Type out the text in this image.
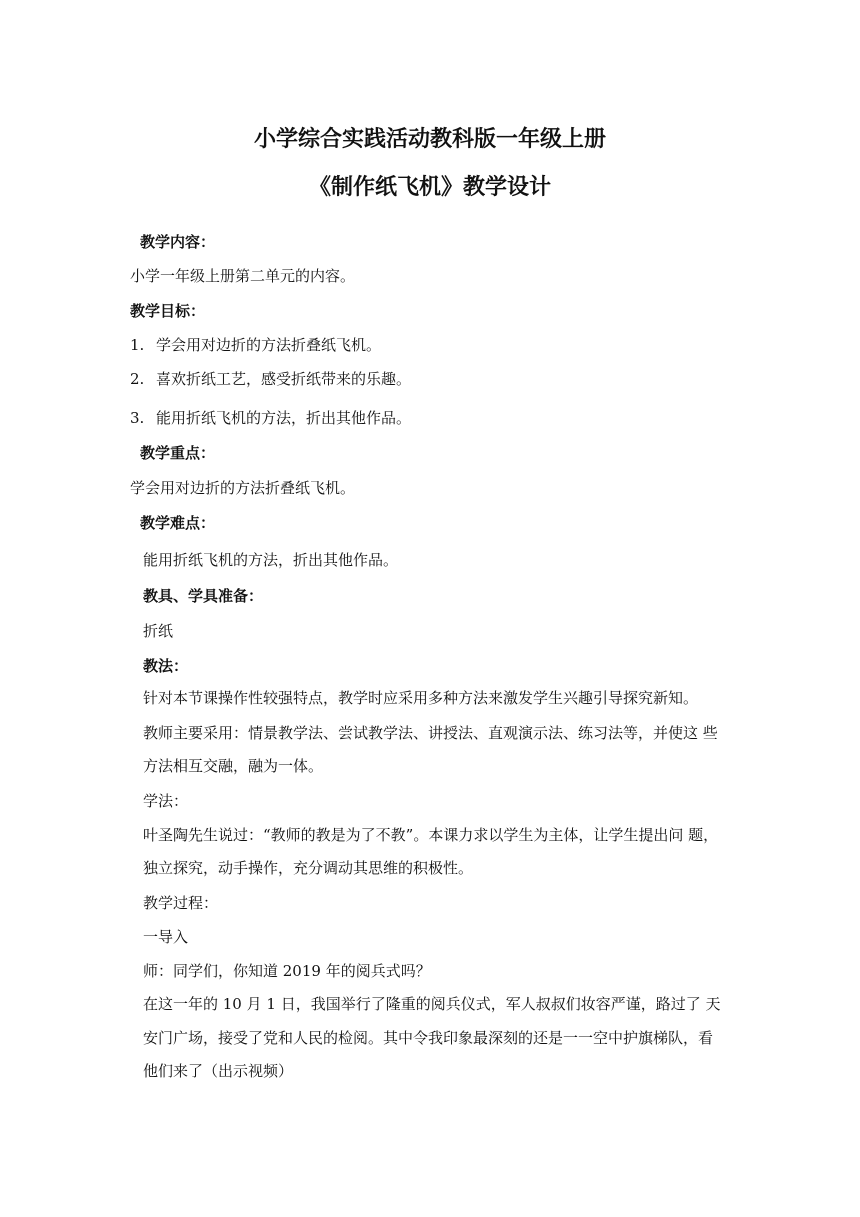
小学综合实践活动教科版一年级上册
《制作纸飞机》教学设计
教学内容：
小学一年级上册第二单元的内容。
教学目标：
1. 学会用对边折的方法折叠纸飞机。
2. 喜欢折纸工艺，感受折纸带来的乐趣。
3. 能用折纸飞机的方法，折出其他作品。
教学重点：
学会用对边折的方法折叠纸飞机。
教学难点：
能用折纸飞机的方法，折出其他作品。
教具、学具准备：
折纸
教法：
针对本节课操作性较强特点，教学时应采用多种方法来激发学生兴趣引导探究新知。
教师主要采用：情景教学法、尝试教学法、讲授法、直观演示法、练习法等，并使这 些
方法相互交融，融为一体。
学法：
叶圣陶先生说过：“教师的教是为了不教”。本课力求以学生为主体，让学生提出问 题，
独立探究，动手操作，充分调动其思维的积极性。
教学过程：
一导入
师：同学们，你知道 2019 年的阅兵式吗？
在这一年的 10 月 1 日，我国举行了隆重的阅兵仪式，军人叔叔们妆容严谨，路过了 天
安门广场，接受了党和人民的检阅。其中令我印象最深刻的还是一一空中护旗梯队，看
他们来了（出示视频）
